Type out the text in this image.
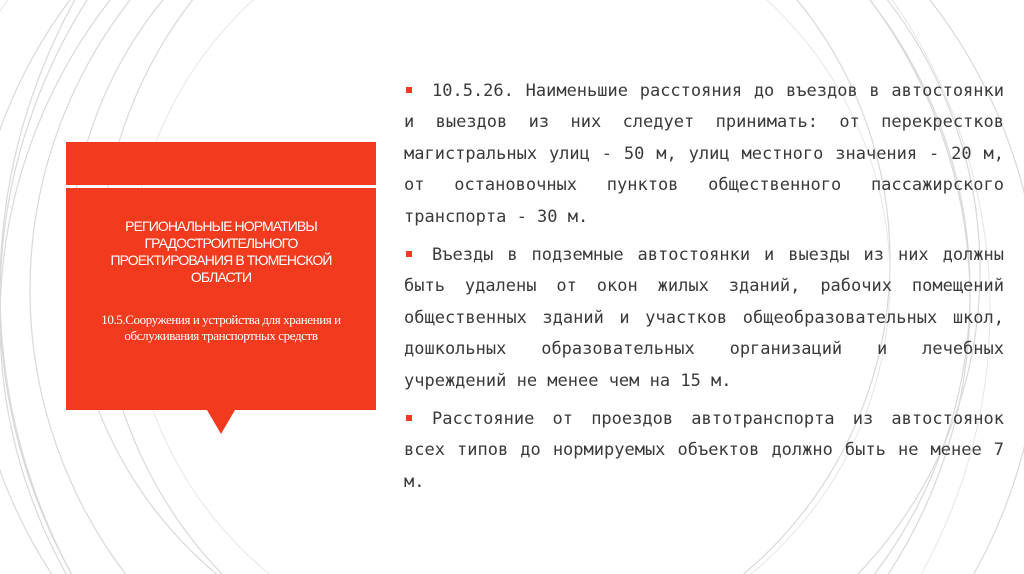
РЕГИОНАЛЬНЫЕ НОРМАТИВЫ ГРАДОСТРОИТЕЛЬНОГО ПРОЕКТИРОВАНИЯ В ТЮМЕНСКОЙ ОБЛАСТИ

10.5.Сооружения и устройства для хранения и обслуживания транспортных средств

10.5.26. Наименьшие расстояния до въездов в автостоянки и выездов из них следует принимать: от перекрестков магистральных улиц - 50 м, улиц местного значения - 20 м, от остановочных пунктов общественного пассажирского транспорта - 30 м.
Въезды в подземные автостоянки и выезды из них должны быть удалены от окон жилых зданий, рабочих помещений общественных зданий и участков общеобразовательных школ, дошкольных образовательных организаций и лечебных учреждений не менее чем на 15 м.
Расстояние от проездов автотранспорта из автостоянок всех типов до нормируемых объектов должно быть не менее 7 м.
